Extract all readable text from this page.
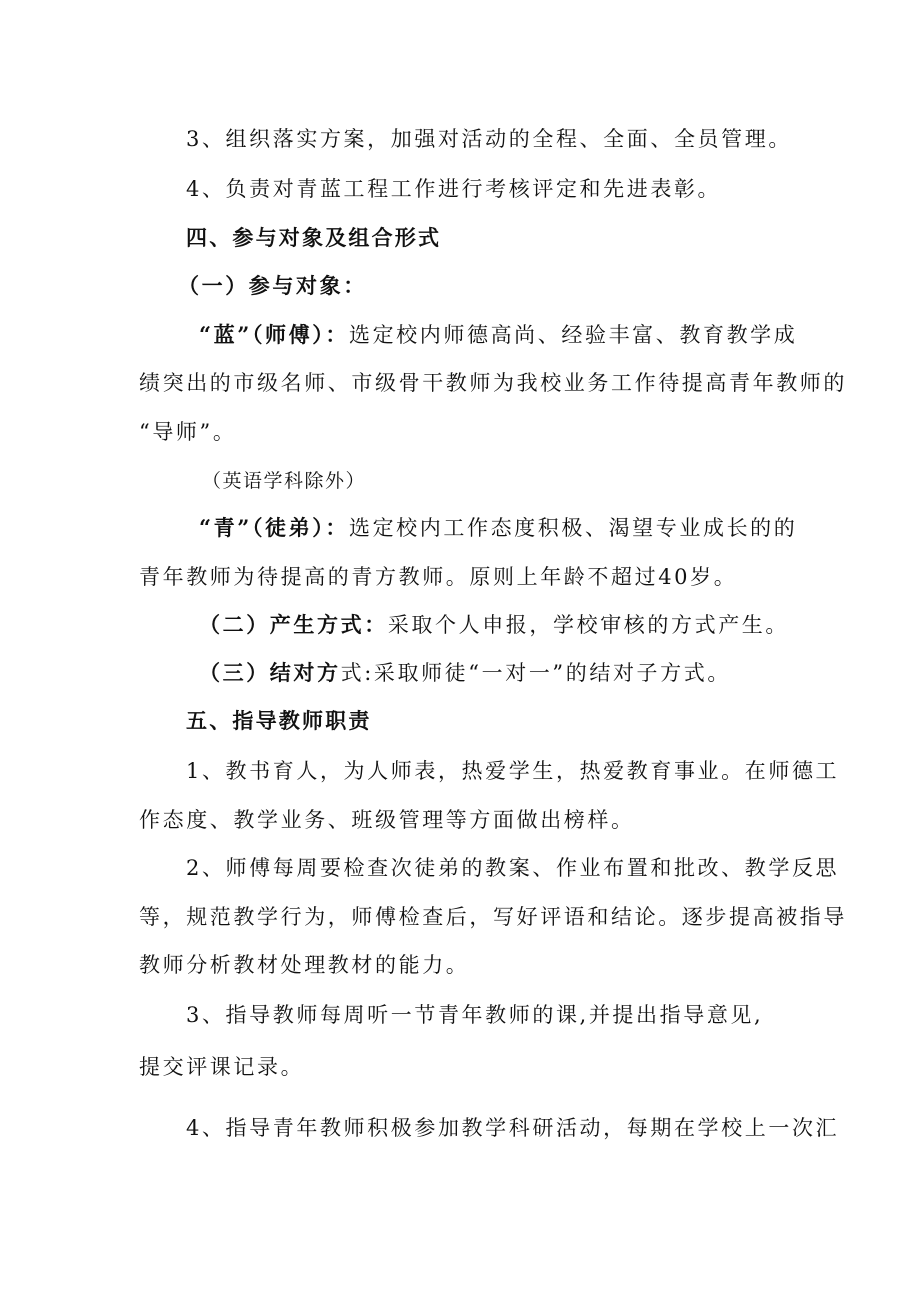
3、组织落实方案，加强对活动的全程、全面、全员管理。
4、负责对青蓝工程工作进行考核评定和先进表彰。
四、参与对象及组合形式
（一）参与对象：
“蓝”（师傅）：选定校内师德高尚、经验丰富、教育教学成
绩突出的市级名师、市级骨干教师为我校业务工作待提高青年教师的
“导师”。
（英语学科除外）
“青”（徒弟）：选定校内工作态度积极、渴望专业成长的的
青年教师为待提高的青方教师。原则上年龄不超过40岁。
（二）产生方式：采取个人申报，学校审核的方式产生。
（三）结对方式:采取师徒“一对一”的结对子方式。
五、指导教师职责
1、教书育人，为人师表，热爱学生，热爱教育事业。在师德工
作态度、教学业务、班级管理等方面做出榜样。
2、师傅每周要检查次徒弟的教案、作业布置和批改、教学反思
等，规范教学行为，师傅检查后，写好评语和结论。逐步提高被指导
教师分析教材处理教材的能力。
3、指导教师每周听一节青年教师的课,并提出指导意见,
提交评课记录。
4、指导青年教师积极参加教学科研活动，每期在学校上一次汇
